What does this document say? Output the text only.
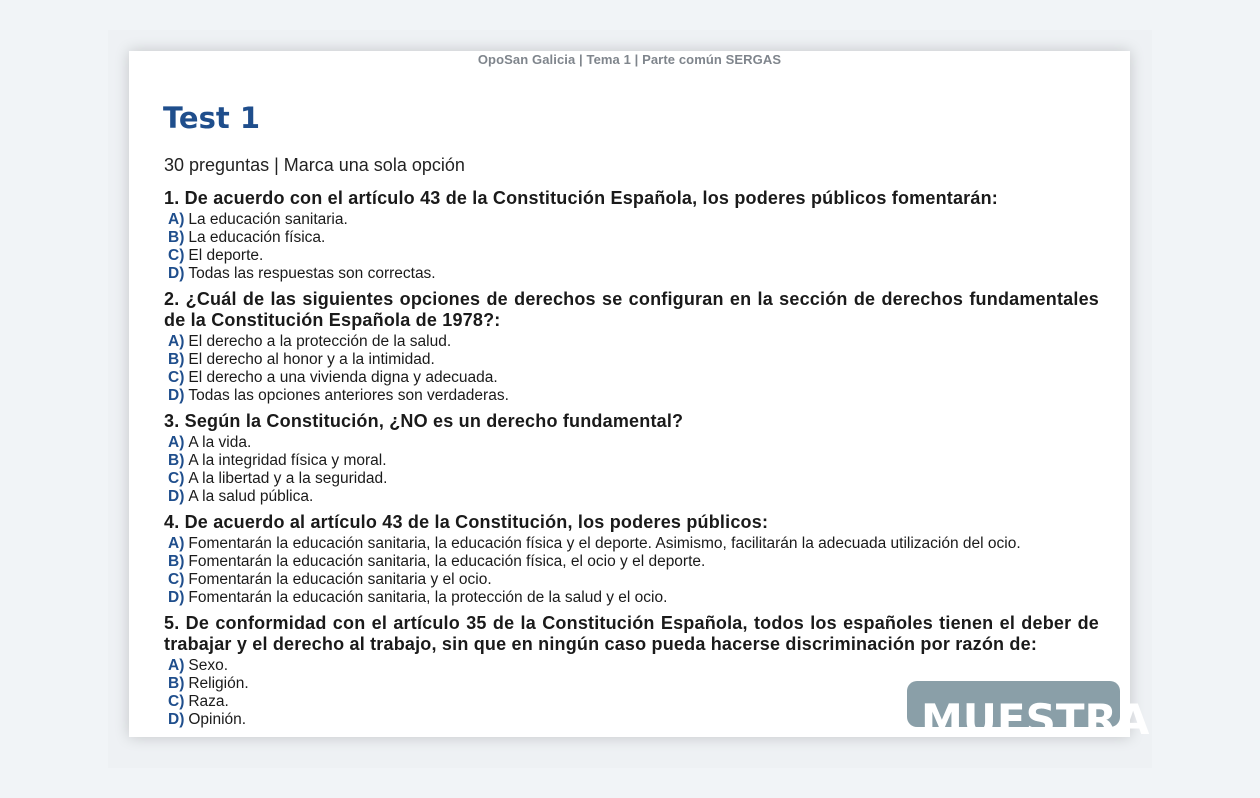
OpoSan Galicia | Tema 1 | Parte común SERGAS
Test 1
30 preguntas | Marca una sola opción
1. De acuerdo con el artículo 43 de la Constitución Española, los poderes públicos fomentarán:
A) La educación sanitaria.
B) La educación física.
C) El deporte.
D) Todas las respuestas son correctas.
2. ¿Cuál de las siguientes opciones de derechos se configuran en la sección de derechos fundamentales de la Constitución Española de 1978?:
A) El derecho a la protección de la salud.
B) El derecho al honor y a la intimidad.
C) El derecho a una vivienda digna y adecuada.
D) Todas las opciones anteriores son verdaderas.
3. Según la Constitución, ¿NO es un derecho fundamental?
A) A la vida.
B) A la integridad física y moral.
C) A la libertad y a la seguridad.
D) A la salud pública.
4. De acuerdo al artículo 43 de la Constitución, los poderes públicos:
A) Fomentarán la educación sanitaria, la educación física y el deporte. Asimismo, facilitarán la adecuada utilización del ocio.
B) Fomentarán la educación sanitaria, la educación física, el ocio y el deporte.
C) Fomentarán la educación sanitaria y el ocio.
D) Fomentarán la educación sanitaria, la protección de la salud y el ocio.
5. De conformidad con el artículo 35 de la Constitución Española, todos los españoles tienen el deber de trabajar y el derecho al trabajo, sin que en ningún caso pueda hacerse discriminación por razón de:
A) Sexo.
B) Religión.
C) Raza.
D) Opinión.	MUESTRA
